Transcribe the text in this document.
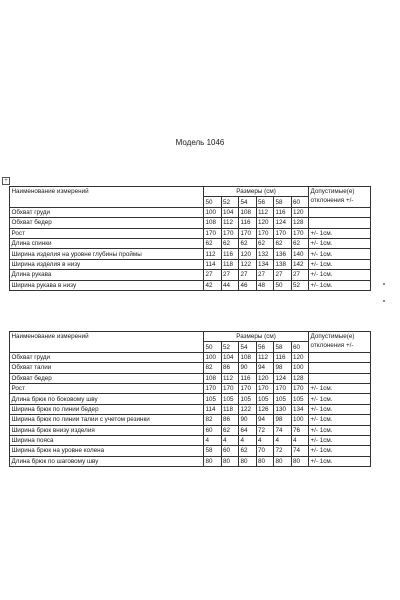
Модель 1046
+
Наименование измерений	Размеры (см)						Допустимые(е)
отклонения +/-
	50	52	54	56	58	60	
Обхват груди	100	104	108	112	116	120	
Обхват бедер	108	112	116	120	124	128	
Рост	170	170	170	170	170	170	+/- 1см.
Длина спинки	62	62	62	62	62	62	+/- 1см.
Ширина изделия на уровне глубины проймы	112	116	120	132	136	140	+/- 1см.
Ширина изделия в низу	114	118	122	134	138	142	+/- 1см.
Длина рукава	27	27	27	27	27	27	+/- 1см.
Ширина рукава в низу	42	44	46	48	50	52	+/- 1см.
Наименование измерений	Размеры (см)						Допустимые(е)
отклонения +/-
	50	52	54	56	58	60	
Обхват груди	100	104	108	112	116	120	
Обхват талии	82	86	90	94	98	100	
Обхват бедер	108	112	116	120	124	128	
Рост	170	170	170	170	170	170	+/- 1см.
Длина брюк по боковому шву	105	105	105	105	105	105	+/- 1см.
Ширина брюк по линии бедер	114	118	122	126	130	134	+/- 1см.
Ширина брюк по линии талии с учетом резинки	82	86	90	94	98	100	+/- 1см.
Ширина брюк внизу изделия	60	62	64	72	74	76	+/- 1см.
Ширина пояса	4	4	4	4	4	4	+/- 1см.
Ширина брюк на уровне колена	58	60	62	70	72	74	+/- 1см.
Длина брюк по шаговому шву	80	80	80	80	80	80	+/- 1см.
